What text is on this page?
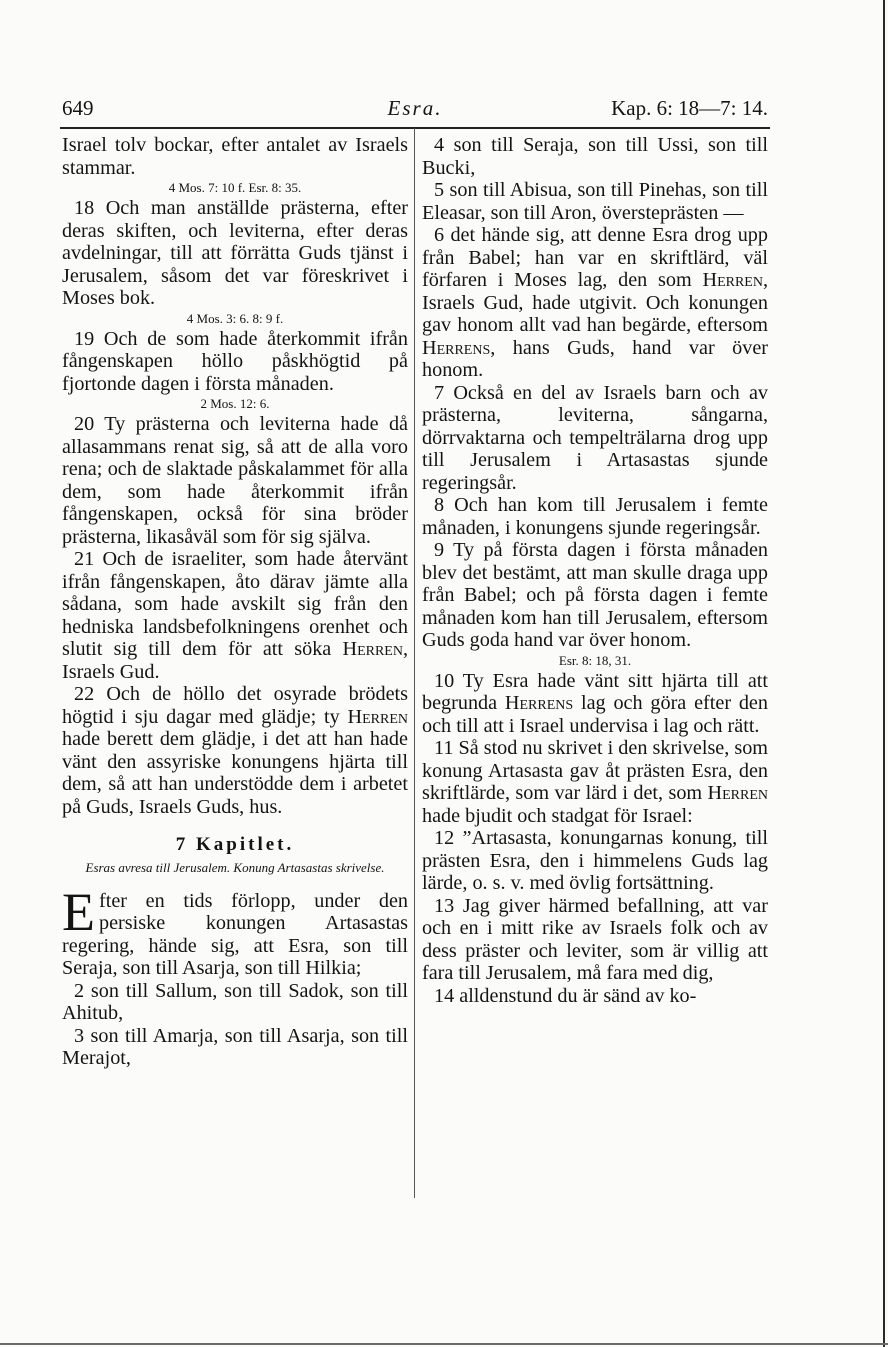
649	Esra.	Kap. 6: 18—7: 14.

Israel tolv bockar, efter antalet av Israels stammar.

4 Mos. 7: 10 f. Esr. 8: 35.

18 Och man anställde prästerna, efter deras skiften, och leviterna, efter deras avdelningar, till att förrätta Guds tjänst i Jerusalem, såsom det var föreskrivet i Moses bok.

4 Mos. 3: 6. 8: 9 f.

19 Och de som hade återkommit ifrån fångenskapen höllo påskhögtid på fjortonde dagen i första månaden.

2 Mos. 12: 6.

20 Ty prästerna och leviterna hade då allasammans renat sig, så att de alla voro rena; och de slaktade påskalammet för alla dem, som hade återkommit ifrån fångenskapen, också för sina bröder prästerna, likasåväl som för sig själva.

21 Och de israeliter, som hade återvänt ifrån fångenskapen, åto därav jämte alla sådana, som hade avskilt sig från den hedniska landsbefolkningens orenhet och slutit sig till dem för att söka Herren, Israels Gud.

22 Och de höllo det osyrade brödets högtid i sju dagar med glädje; ty Herren hade berett dem glädje, i det att han hade vänt den assyriske konungens hjärta till dem, så att han understödde dem i arbetet på Guds, Israels Guds, hus.

7 Kapitlet.

Esras avresa till Jerusalem. Konung Artasastas skrivelse.

Efter en tids förlopp, under den persiske konungen Artasastas regering, hände sig, att Esra, son till Seraja, son till Asarja, son till Hilkia;

2 son till Sallum, son till Sadok, son till Ahitub,

3 son till Amarja, son till Asarja, son till Merajot,

4 son till Seraja, son till Ussi, son till Bucki,

5 son till Abisua, son till Pinehas, son till Eleasar, son till Aron, översteprästen —

6 det hände sig, att denne Esra drog upp från Babel; han var en skriftlärd, väl förfaren i Moses lag, den som Herren, Israels Gud, hade utgivit. Och konungen gav honom allt vad han begärde, eftersom Herrens, hans Guds, hand var över honom.

7 Också en del av Israels barn och av prästerna, leviterna, sångarna, dörrvaktarna och tempelträlarna drog upp till Jerusalem i Artasastas sjunde regeringsår.

8 Och han kom till Jerusalem i femte månaden, i konungens sjunde regeringsår.

9 Ty på första dagen i första månaden blev det bestämt, att man skulle draga upp från Babel; och på första dagen i femte månaden kom han till Jerusalem, eftersom Guds goda hand var över honom.

Esr. 8: 18, 31.

10 Ty Esra hade vänt sitt hjärta till att begrunda Herrens lag och göra efter den och till att i Israel undervisa i lag och rätt.

11 Så stod nu skrivet i den skrivelse, som konung Artasasta gav åt prästen Esra, den skriftlärde, som var lärd i det, som Herren hade bjudit och stadgat för Israel:

12 ”Artasasta, konungarnas konung, till prästen Esra, den i himmelens Guds lag lärde, o. s. v. med övlig fortsättning.

13 Jag giver härmed befallning, att var och en i mitt rike av Israels folk och av dess präster och leviter, som är villig att fara till Jerusalem, må fara med dig,

14 alldenstund du är sänd av ko-
